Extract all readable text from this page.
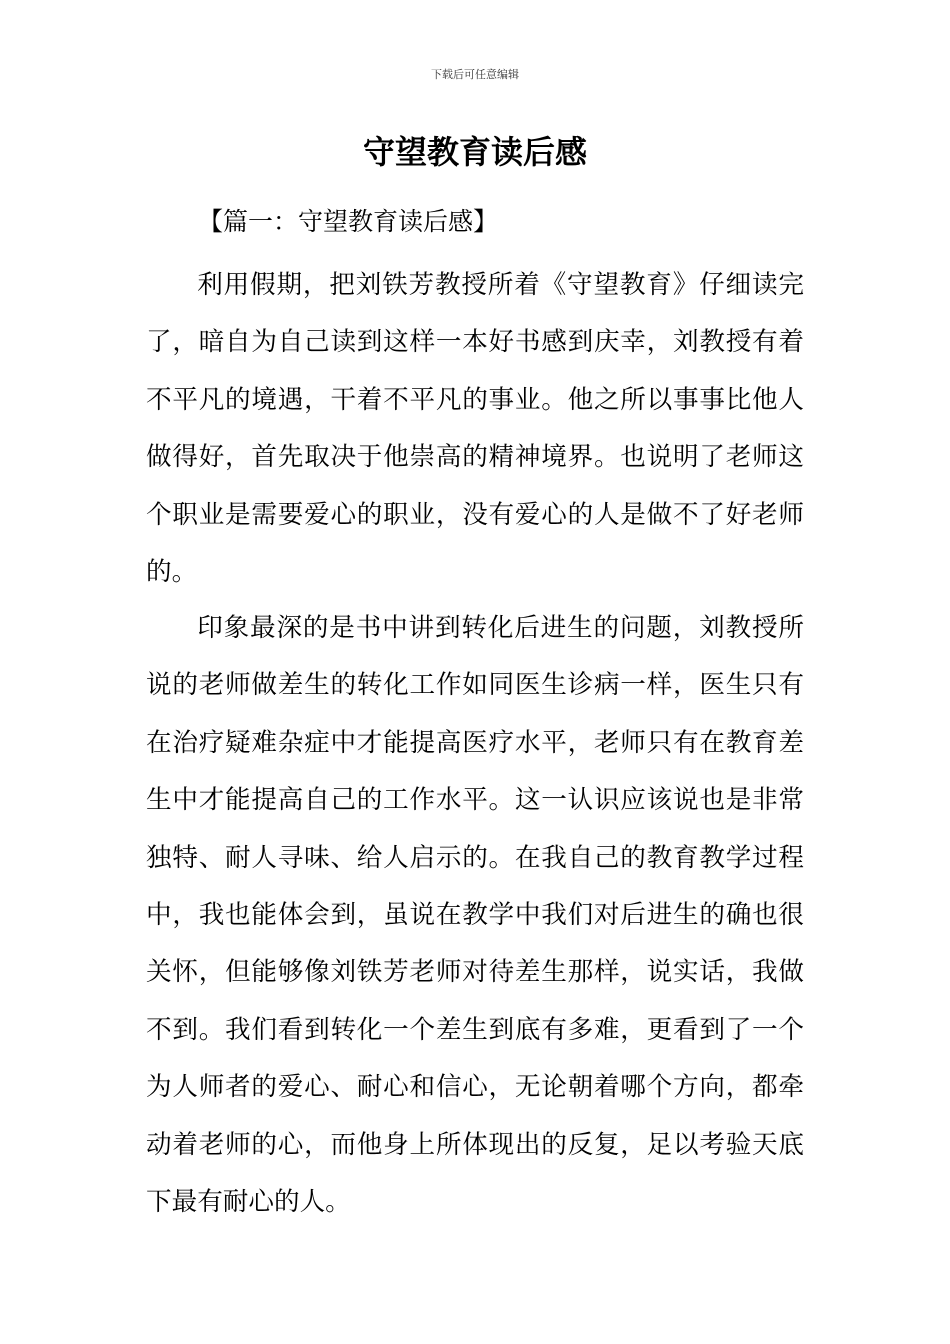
下载后可任意编辑
守望教育读后感
【篇一：守望教育读后感】

利用假期，把刘铁芳教授所着《守望教育》仔细读完了，暗自为自己读到这样一本好书感到庆幸，刘教授有着不平凡的境遇，干着不平凡的事业。他之所以事事比他人做得好，首先取决于他崇高的精神境界。也说明了老师这个职业是需要爱心的职业，没有爱心的人是做不了好老师的。

印象最深的是书中讲到转化后进生的问题，刘教授所说的老师做差生的转化工作如同医生诊病一样，医生只有在治疗疑难杂症中才能提高医疗水平，老师只有在教育差生中才能提高自己的工作水平。这一认识应该说也是非常独特、耐人寻味、给人启示的。在我自己的教育教学过程中，我也能体会到，虽说在教学中我们对后进生的确也很关怀，但能够像刘铁芳老师对待差生那样，说实话，我做不到。我们看到转化一个差生到底有多难，更看到了一个为人师者的爱心、耐心和信心，无论朝着哪个方向，都牵动着老师的心，而他身上所体现出的反复，足以考验天底下最有耐心的人。
